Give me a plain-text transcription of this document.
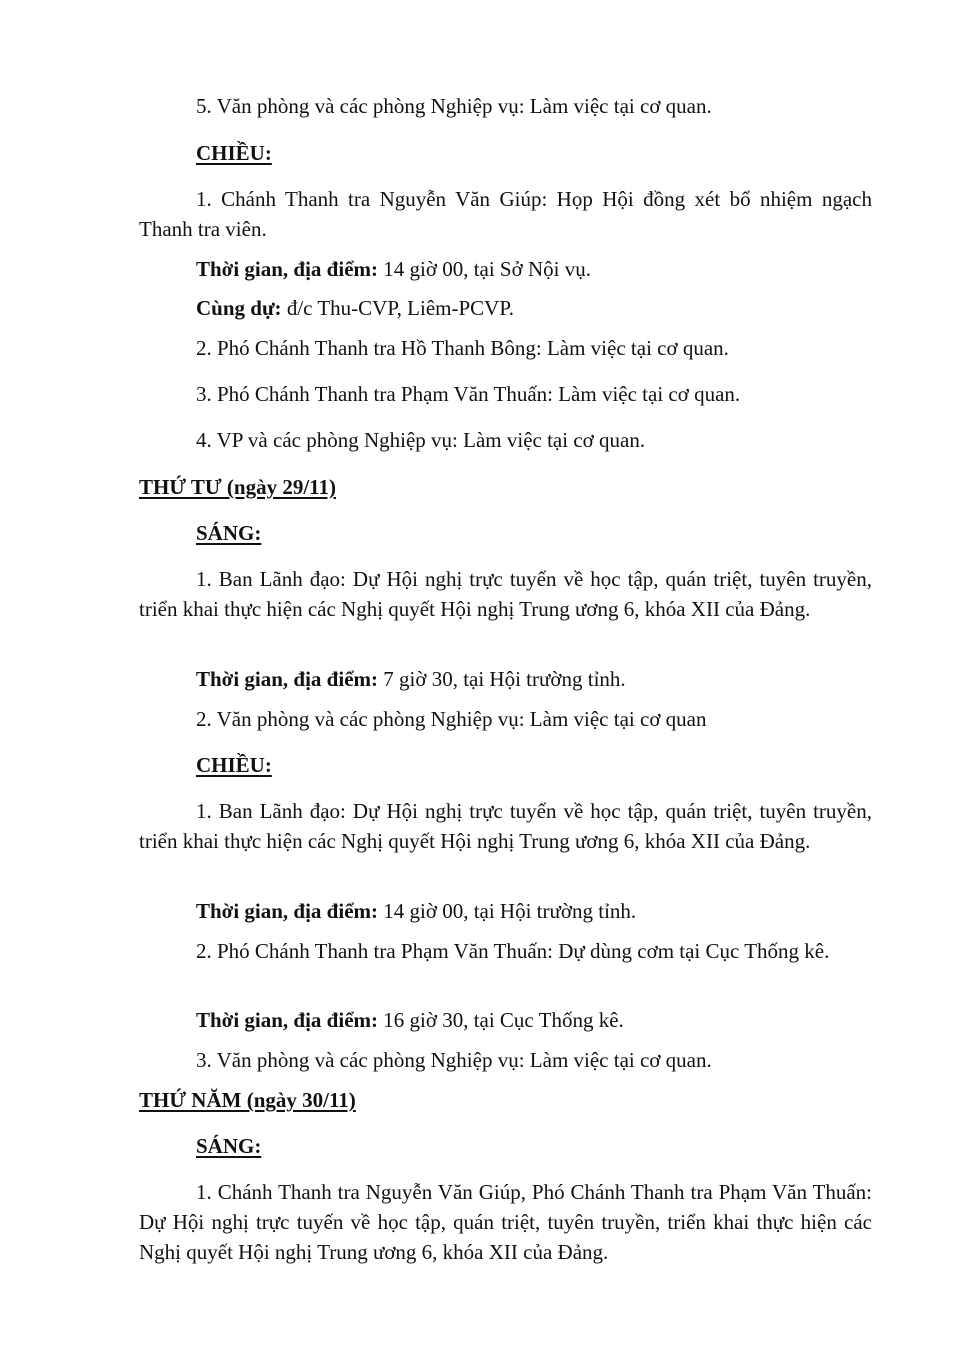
5. Văn phòng và các phòng Nghiệp vụ: Làm việc tại cơ quan.

CHIỀU:

1. Chánh Thanh tra Nguyễn Văn Giúp: Họp Hội đồng xét bổ nhiệm ngạch Thanh tra viên.

Thời gian, địa điểm: 14 giờ 00, tại Sở Nội vụ.

Cùng dự: đ/c Thu-CVP, Liêm-PCVP.

2. Phó Chánh Thanh tra Hồ Thanh Bông: Làm việc tại cơ quan.

3. Phó Chánh Thanh tra Phạm Văn Thuấn: Làm việc tại cơ quan.

4. VP và các phòng Nghiệp vụ: Làm việc tại cơ quan.

THỨ TƯ (ngày 29/11)

SÁNG:

1. Ban Lãnh đạo: Dự Hội nghị trực tuyến về học tập, quán triệt, tuyên truyền, triển khai thực hiện các Nghị quyết Hội nghị Trung ương 6, khóa XII của Đảng.

Thời gian, địa điểm: 7 giờ 30, tại Hội trường tỉnh.

2. Văn phòng và các phòng Nghiệp vụ: Làm việc tại cơ quan

CHIỀU:

1. Ban Lãnh đạo: Dự Hội nghị trực tuyến về học tập, quán triệt, tuyên truyền, triển khai thực hiện các Nghị quyết Hội nghị Trung ương 6, khóa XII của Đảng.

Thời gian, địa điểm: 14 giờ 00, tại Hội trường tỉnh.

2. Phó Chánh Thanh tra Phạm Văn Thuấn: Dự dùng cơm tại Cục Thống kê.

Thời gian, địa điểm: 16 giờ 30, tại Cục Thống kê.

3. Văn phòng và các phòng Nghiệp vụ: Làm việc tại cơ quan.

THỨ NĂM (ngày 30/11)

SÁNG:

1. Chánh Thanh tra Nguyễn Văn Giúp, Phó Chánh Thanh tra Phạm Văn Thuấn: Dự Hội nghị trực tuyến về học tập, quán triệt, tuyên truyền, triển khai thực hiện các Nghị quyết Hội nghị Trung ương 6, khóa XII của Đảng.
